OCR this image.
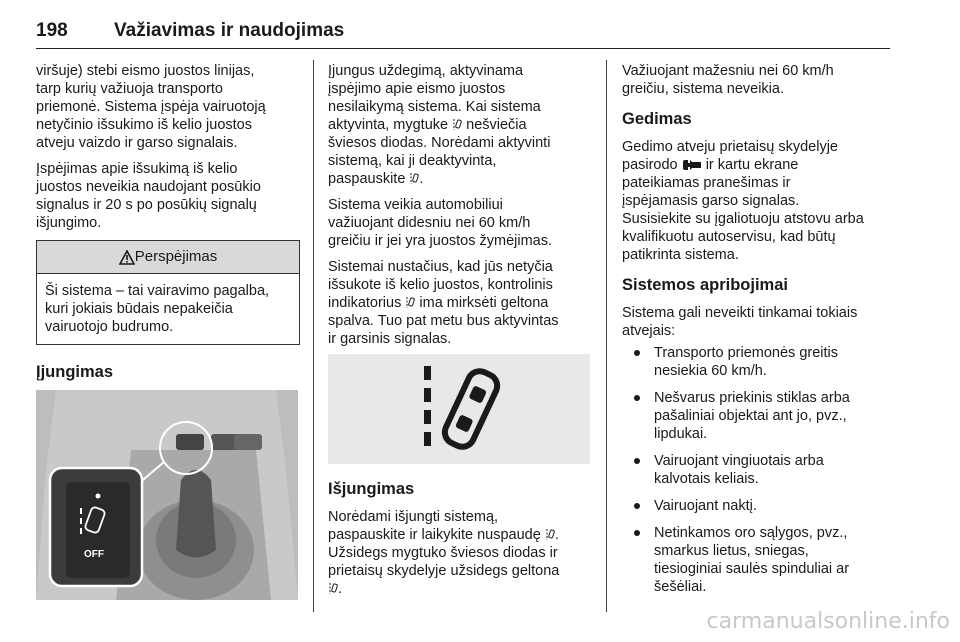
198 Važiavimas ir naudojimas

viršuje) stebi eismo juostos linijas,
tarp kurių važiuoja transporto
priemonė. Sistema įspėja vairuotoją
netyčinio išsukimo iš kelio juostos
atveju vaizdo ir garso signalais.

Įspėjimas apie išsukimą iš kelio
juostos neveikia naudojant posūkio
signalus ir 20 s po posūkių signalų
išjungimo.

Perspėjimas
Ši sistema – tai vairavimo pagalba,
kuri jokiais būdais nepakeičia
vairuotojo budrumo.
Įjungimas
OFF

Įjungus uždegimą, aktyvinama
įspėjimo apie eismo juostos
nesilaikymą sistema. Kai sistema
aktyvinta, mygtuke nešviečia
šviesos diodas. Norėdami aktyvinti
sistemą, kai ji deaktyvinta,
paspauskite .

Sistema veikia automobiliui
važiuojant didesniu nei 60 km/h
greičiu ir jei yra juostos žymėjimas.

Sistemai nustačius, kad jūs netyčia
išsukote iš kelio juostos, kontrolinis
indikatorius ima mirksėti geltona
spalva. Tuo pat metu bus aktyvintas
ir garsinis signalas.

Išjungimas

Norėdami išjungti sistemą,
paspauskite ir laikykite nuspaudę .
Užsidegs mygtuko šviesos diodas ir
prietaisų skydelyje užsidegs geltona
.

Važiuojant mažesniu nei 60 km/h
greičiu, sistema neveikia.

Gedimas

Gedimo atveju prietaisų skydelyje
pasirodo ir kartu ekrane
pateikiamas pranešimas ir
įspėjamasis garso signalas.
Susisiekite su įgaliotuoju atstovu arba
kvalifikuotu autoservisu, kad būtų
patikrinta sistema.

Sistemos apribojimai

Sistema gali neveikti tinkamai tokiais
atvejais:

Transporto priemonės greitis
nesiekia 60 km/h.
Nešvarus priekinis stiklas arba
pašaliniai objektai ant jo, pvz.,
lipdukai.
Vairuojant vingiuotais arba
kalvotais keliais.
Vairuojant naktį.
Netinkamos oro sąlygos, pvz.,
smarkus lietus, sniegas,
tiesioginiai saulės spinduliai ar
šešėliai.
carmanualsonline.info
